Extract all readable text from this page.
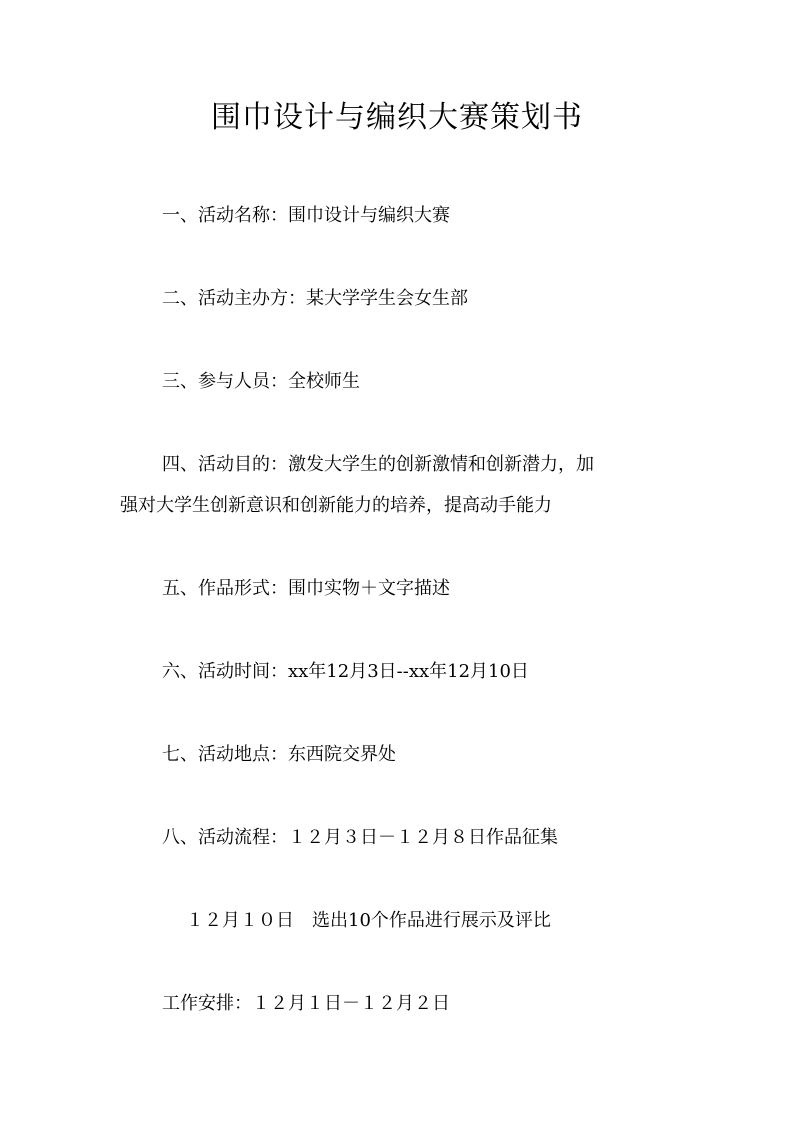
围巾设计与编织大赛策划书
一、活动名称：围巾设计与编织大赛
二、活动主办方：某大学学生会女生部
三、参与人员：全校师生
四、活动目的：激发大学生的创新激情和创新潜力，加
强对大学生创新意识和创新能力的培养，提高动手能力
五、作品形式：围巾实物＋文字描述
六、活动时间：xx年12月3日--xx年12月10日
七、活动地点：东西院交界处
八、活动流程：１２月３日－１２月８日作品征集
１２月１０日　选出10个作品进行展示及评比
工作安排：１２月１日－１２月２日
